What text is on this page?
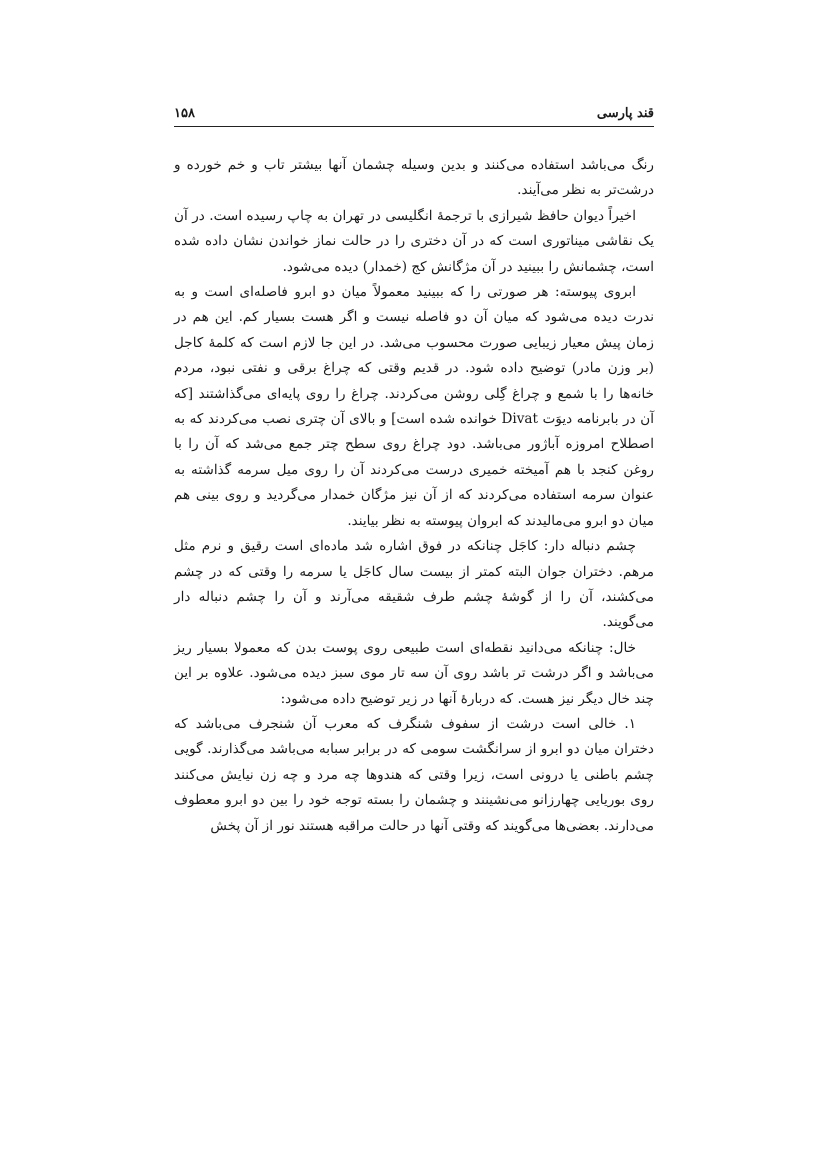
قند پارسی
۱۵۸

رنگ می‌باشد استفاده می‌کنند و بدین وسیله چشمان آنها بیشتر تاب و خم خورده و درشت‌تر به نظر می‌آیند.

اخیراً دیوان حافظ شیرازی با ترجمهٔ انگلیسی در تهران به چاپ رسیده است. در آن یک نقاشی میناتوری است که در آن دختری را در حالت نماز خواندن نشان داده شده است، چشمانش را ببینید در آن مژگانش کج (خمدار) دیده می‌شود.

ابروی پیوسته: هر صورتی را که ببینید معمولاً میان دو ابرو فاصله‌ای است و به ندرت دیده می‌شود که میان آن دو فاصله نیست و اگر هست بسیار کم. این هم در زمان پیش معیار زیبایی صورت محسوب می‌شد. در این جا لازم است که کلمهٔ کاجل (بر وزن مادر) توضیح داده شود. در قدیم وقتی که چراغ برقی و نفتی نبود، مردم خانه‌ها را با شمع و چراغ گِلی روشن می‌کردند. چراغ را روی پایه‌ای می‌گذاشتند [که آن در بابرنامه دیوَت Divat خوانده شده است] و بالای آن چتری نصب می‌کردند که به اصطلاح امروزه آباژور می‌باشد. دود چراغ روی سطح چتر جمع می‌شد که آن را با روغن کنجد با هم آمیخته خمیری درست می‌کردند آن را روی میل سرمه گذاشته به عنوان سرمه استفاده می‌کردند که از آن نیز مژگان خمدار می‌گردید و روی بینی هم میان دو ابرو می‌مالیدند که ابروان پیوسته به نظر بیایند.

چشم دنباله دار: کاجَل چنانکه در فوق اشاره شد ماده‌ای است رقیق و نرم مثل مرهم. دختران جوان البته کمتر از بیست سال کاجَل یا سرمه را وقتی که در چشم می‌کشند، آن را از گوشهٔ چشم طرف شقیقه می‌آرند و آن را چشم دنباله دار می‌گویند.

خال: چنانکه می‌دانید نقطه‌ای است طبیعی روی پوست بدن که معمولا بسیار ریز می‌باشد و اگر درشت تر باشد روی آن سه تار موی سبز دیده می‌شود. علاوه بر این چند خال دیگر نیز هست. که دربارهٔ آنها در زیر توضیح داده می‌شود:

۱. خالی است درشت از سفوف شنگرف که معرب آن شنجرف می‌باشد که دختران میان دو ابرو از سرانگشت سومی که در برابر سبابه می‌باشد می‌گذارند. گویی چشم باطنی یا درونی است، زیرا وقتی که هندوها چه مرد و چه زن نیایش می‌کنند روی بوریایی چهارزانو می‌نشینند و چشمان را بسته توجه خود را بین دو ابرو معطوف می‌دارند. بعضی‌ها می‌گویند که وقتی آنها در حالت مراقبه هستند نور از آن پخش
